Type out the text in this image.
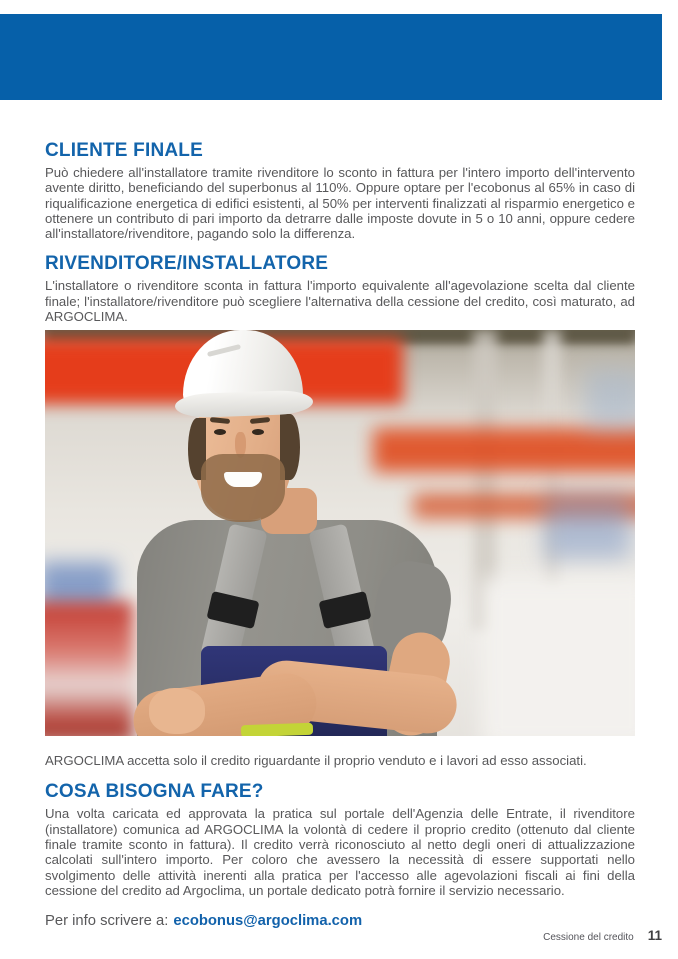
CLIENTE FINALE

Può chiedere all'installatore tramite rivenditore lo sconto in fattura per l'intero importo dell'intervento avente diritto, beneficiando del superbonus al 110%. Oppure optare per l'ecobonus al 65% in caso di riqualificazione energetica di edifici esistenti, al 50% per interventi finalizzati al risparmio energetico e ottenere un contributo di pari importo da detrarre dalle imposte dovute in 5 o 10 anni, oppure cedere all'installatore/rivenditore, pagando solo la differenza.

RIVENDITORE/INSTALLATORE

L'installatore o rivenditore sconta in fattura l'importo equivalente all'agevolazione scelta dal cliente finale; l'installatore/rivenditore può scegliere l'alternativa della cessione del credito, così maturato, ad ARGOCLIMA.

ARGOCLIMA accetta solo il credito riguardante il proprio venduto e i lavori ad esso associati.

COSA BISOGNA FARE?

Una volta caricata ed approvata la pratica sul portale dell'Agenzia delle Entrate, il rivenditore (installatore) comunica ad ARGOCLIMA la volontà di cedere il proprio credito (ottenuto dal cliente finale tramite sconto in fattura). Il credito verrà riconosciuto al netto degli oneri di attualizzazione calcolati sull'intero importo. Per coloro che avessero la necessità di essere supportati nello svolgimento delle attività inerenti alla pratica per l'accesso alle agevolazioni fiscali ai fini della cessione del credito ad Argoclima, un portale dedicato potrà fornire il servizio necessario.

Per info scrivere a: ecobonus@argoclima.com

Cessione del credito 11
